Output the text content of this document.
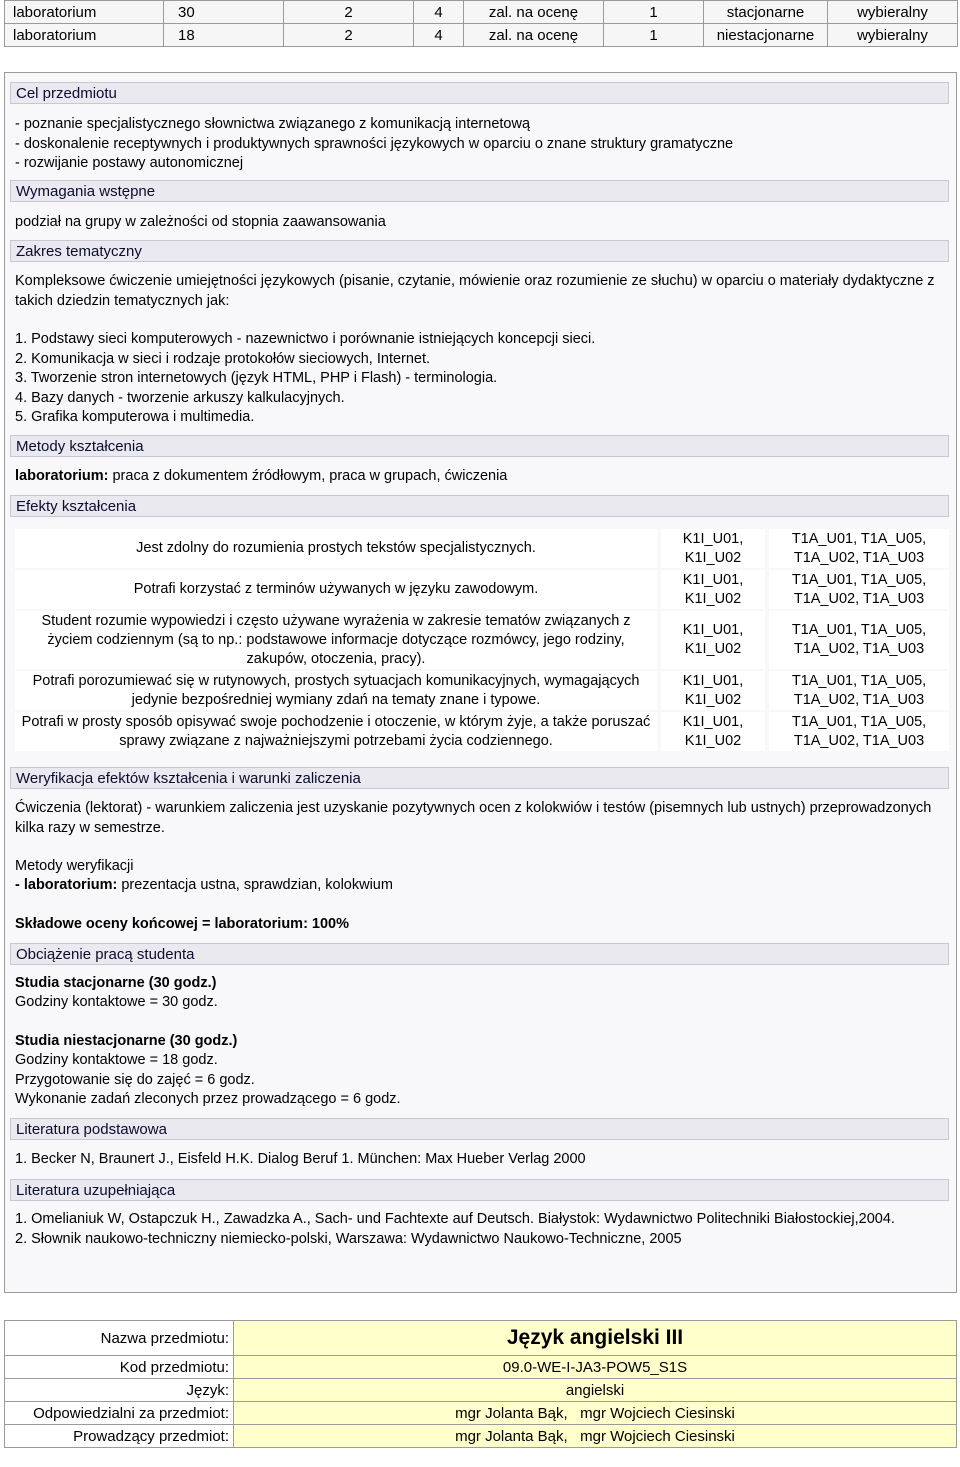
laboratorium	30	2	4	zal. na ocenę	1	stacjonarne	wybieralny
laboratorium	18	2	4	zal. na ocenę	1	niestacjonarne	wybieralny
Cel przedmiotu
- poznanie specjalistycznego słownictwa związanego z komunikacją internetową
- doskonalenie receptywnych i produktywnych sprawności językowych w oparciu o znane struktury gramatyczne
- rozwijanie postawy autonomicznej
Wymagania wstępne
podział na grupy w zależności od stopnia zaawansowania
Zakres tematyczny
Kompleksowe ćwiczenie umiejętności językowych (pisanie, czytanie, mówienie oraz rozumienie ze słuchu) w oparciu o materiały dydaktyczne z takich dziedzin tematycznych jak:
1. Podstawy sieci komputerowych - nazewnictwo i porównanie istniejących koncepcji sieci.
2. Komunikacja w sieci i rodzaje protokołów sieciowych, Internet.
3. Tworzenie stron internetowych (język HTML, PHP i Flash) - terminologia.
4. Bazy danych - tworzenie arkuszy kalkulacyjnych.
5. Grafika komputerowa i multimedia.
Metody kształcenia
laboratorium: praca z dokumentem źródłowym, praca w grupach, ćwiczenia
Efekty kształcenia
Jest zdolny do rozumienia prostych tekstów specjalistycznych.	K1I_U01, K1I_U02	T1A_U01, T1A_U05, T1A_U02, T1A_U03
Potrafi korzystać z terminów używanych w języku zawodowym.	K1I_U01, K1I_U02	T1A_U01, T1A_U05, T1A_U02, T1A_U03
Student rozumie wypowiedzi i często używane wyrażenia w zakresie tematów związanych z życiem codziennym (są to np.: podstawowe informacje dotyczące rozmówcy, jego rodziny, zakupów, otoczenia, pracy).	K1I_U01, K1I_U02	T1A_U01, T1A_U05, T1A_U02, T1A_U03
Potrafi porozumiewać się w rutynowych, prostych sytuacjach komunikacyjnych, wymagających jedynie bezpośredniej wymiany zdań na tematy znane i typowe.	K1I_U01, K1I_U02	T1A_U01, T1A_U05, T1A_U02, T1A_U03
Potrafi w prosty sposób opisywać swoje pochodzenie i otoczenie, w którym żyje, a także poruszać sprawy związane z najważniejszymi potrzebami życia codziennego.	K1I_U01, K1I_U02	T1A_U01, T1A_U05, T1A_U02, T1A_U03
Weryfikacja efektów kształcenia i warunki zaliczenia
Ćwiczenia (lektorat) - warunkiem zaliczenia jest uzyskanie pozytywnych ocen z kolokwiów i testów (pisemnych lub ustnych) przeprowadzonych kilka razy w semestrze.
Metody weryfikacji
- laboratorium: prezentacja ustna, sprawdzian, kolokwium
Składowe oceny końcowej = laboratorium: 100%
Obciążenie pracą studenta
Studia stacjonarne (30 godz.)
Godziny kontaktowe = 30 godz.
Studia niestacjonarne (30 godz.)
Godziny kontaktowe = 18 godz.
Przygotowanie się do zajęć = 6 godz.
Wykonanie zadań zleconych przez prowadzącego = 6 godz.
Literatura podstawowa
1. Becker N, Braunert J., Eisfeld H.K. Dialog Beruf 1. München: Max Hueber Verlag 2000
Literatura uzupełniająca
1. Omelianiuk W, Ostapczuk H., Zawadzka A., Sach- und Fachtexte auf Deutsch. Białystok: Wydawnictwo Politechniki Białostockiej,2004.
2. Słownik naukowo-techniczny niemiecko-polski, Warszawa: Wydawnictwo Naukowo-Techniczne, 2005
Nazwa przedmiotu:	Język angielski III
Kod przedmiotu:	09.0-WE-I-JA3-POW5_S1S
Język:	angielski
Odpowiedzialni za przedmiot:	mgr Jolanta Bąk,   mgr Wojciech Ciesinski
Prowadzący przedmiot:	mgr Jolanta Bąk,   mgr Wojciech Ciesinski
